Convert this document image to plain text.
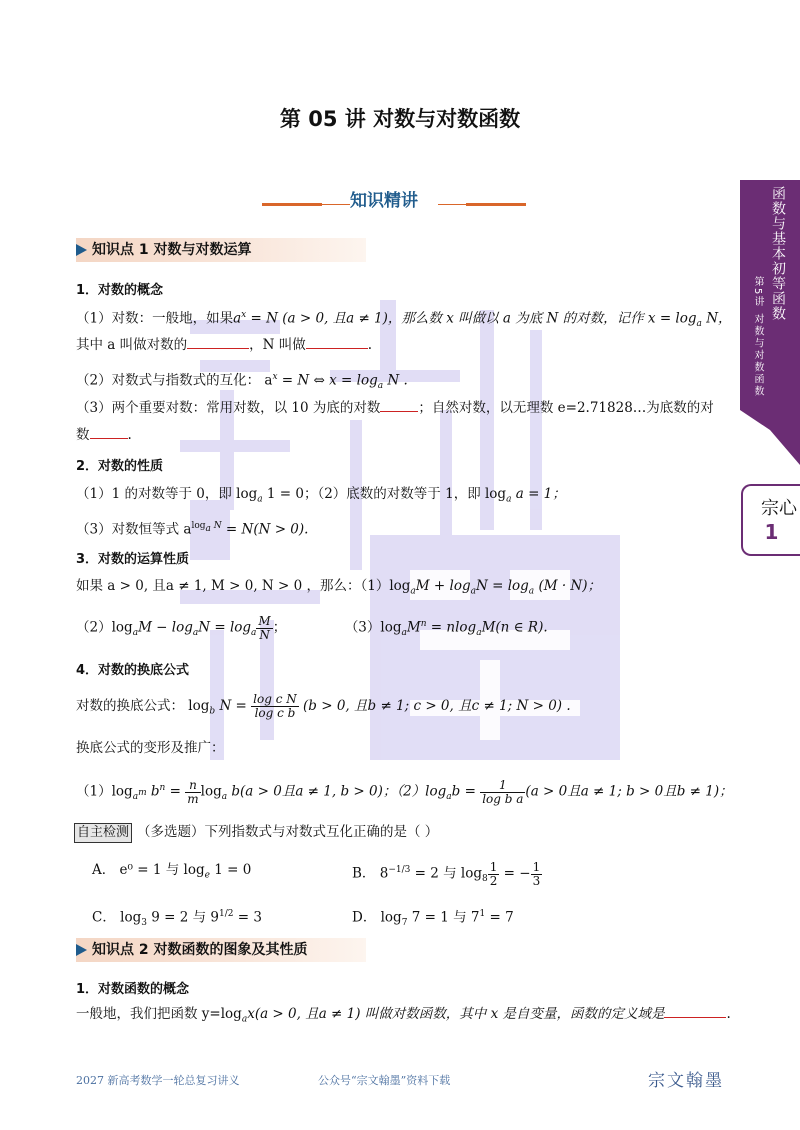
第 05 讲 对数与对数函数
知识精讲	函数与基本初等函数
第5讲 对数与对数函数
宗心
1
知识点 1 对数与对数运算
1．对数的概念
（1）对数：一般地，如果$a^x = N$ (a > 0, 且a ≠ 1)，那么数 x 叫做以 a 为底 N 的对数，记作 $x = \log_a N$，
其中 a 叫做对数的	，N 叫做	.
（2）对数式与指数式的互化： $a^x = N$ ⇔ $x = \log_a N$ .
（3）两个重要对数：常用对数，以 10 为底的对数	；自然对数，以无理数 e=2.71828…为底数的对
数	.
2．对数的性质
（1）1 的对数等于 0，即 $\log_a 1 = 0$；（2）底数的对数等于 1，即 $\log_a a = 1$；
（3）对数恒等式 $a^{log_a N} = N(N > 0)$.
3．对数的运算性质
如果 a > 0, 且a ≠ 1, M > 0, N > 0 ，那么：$(1)\log_aM + \log_aN = \log_a (M \cdot N)$；
$(2)\log_aM - \log_aN = \log_a \frac{M}{N}$ ；	$(3)\log_aM^n = nlog_aM(n$ ∈ R).
4．对数的换底公式
对数的换底公式： $\log_b N = \frac{\text{log c N}}{\text{log c b}} (b > 0$, 且b ≠ 1; c > 0, 且c ≠ 1; N > 0) .
换底公式的变形及推广：
$(1)\log_{a^m}$ $b^n = \frac{n}{m} \log_a b(a > 0$且a ≠ 1, b > 0)；$(2)\log_ab = \frac{1}{\text{log b a}} (a > 0$且a ≠ 1; b > 0且b ≠ 1)；
自主检测 （多选题）下列指数式与对数式互化正确的是（ ）
A． e⁰ = 1 与 $\log_e 1 = 0$	B． $8^{-1/3} = 2$ 与 $\log_8 \frac{1}{2}$ = − $\frac{1}{3}$
C． $\log_3 9 = 2$ 与 $9^{1/2} = 3$	D． $\log_7 7 = 1$ 与 $7^1 = 7$
知识点 2 对数函数的图象及其性质
1．对数函数的概念
一般地，我们把函数 $y=\log_ax(a > 0$, 且a ≠ 1) 叫做对数函数，其中 x 是自变量，函数的定义域是	.
2027 新高考数学一轮总复习讲义	公众号“宗文翰墨”资料下载	宗文翰墨
